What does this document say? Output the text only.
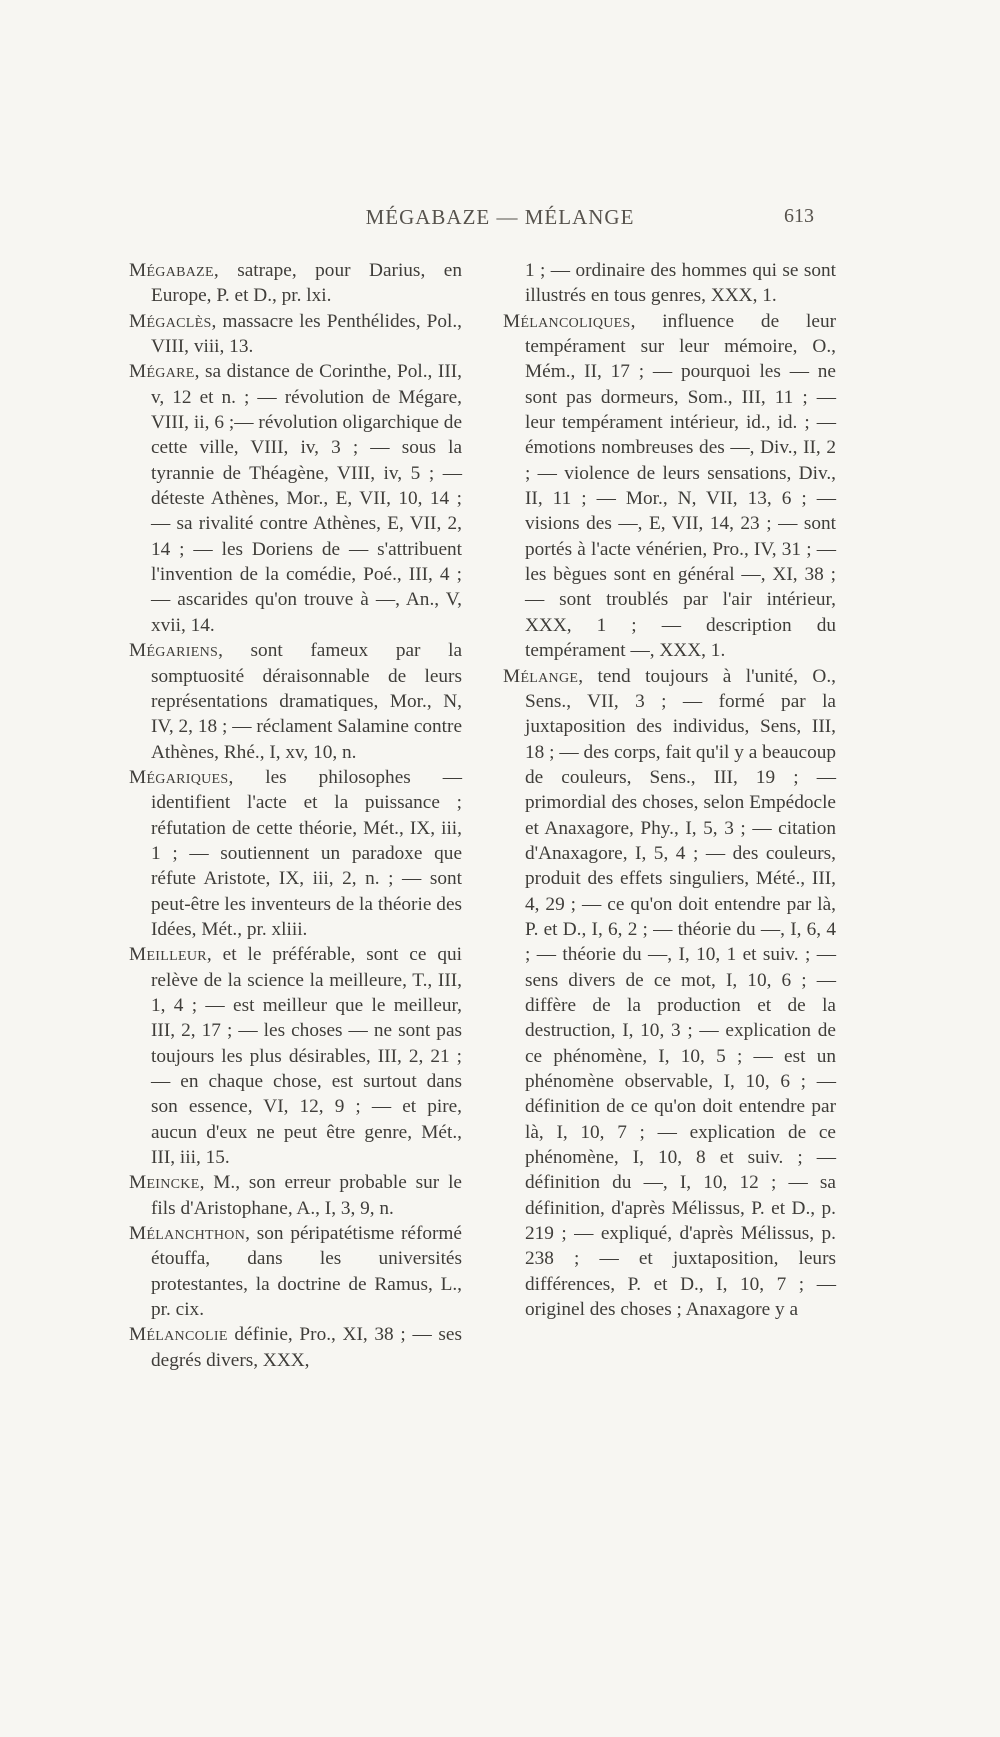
MÉGABAZE — MÉLANGE	613

Mégabaze, satrape, pour Darius, en Europe, P. et D., pr. lxi.

Mégaclès, massacre les Penthélides, Pol., VIII, viii, 13.

Mégare, sa distance de Corinthe, Pol., III, v, 12 et n. ; — révolution de Mégare, VIII, ii, 6 ;— révolution oligarchique de cette ville, VIII, iv, 3 ; — sous la tyrannie de Théagène, VIII, iv, 5 ; — déteste Athènes, Mor., E, VII, 10, 14 ; — sa rivalité contre Athènes, E, VII, 2, 14 ; — les Doriens de — s'attribuent l'invention de la comédie, Poé., III, 4 ; — ascarides qu'on trouve à —, An., V, xvii, 14.

Mégariens, sont fameux par la somptuosité déraisonnable de leurs représentations dramatiques, Mor., N, IV, 2, 18 ; — réclament Salamine contre Athènes, Rhé., I, xv, 10, n.

Mégariques, les philosophes — identifient l'acte et la puissance ; réfutation de cette théorie, Mét., IX, iii, 1 ; — soutiennent un paradoxe que réfute Aristote, IX, iii, 2, n. ; — sont peut-être les inventeurs de la théorie des Idées, Mét., pr. xliii.

Meilleur, et le préférable, sont ce qui relève de la science la meilleure, T., III, 1, 4 ; — est meilleur que le meilleur, III, 2, 17 ; — les choses — ne sont pas toujours les plus désirables, III, 2, 21 ; — en chaque chose, est surtout dans son essence, VI, 12, 9 ; — et pire, aucun d'eux ne peut être genre, Mét., III, iii, 15.

Meincke, M., son erreur probable sur le fils d'Aristophane, A., I, 3, 9, n.

Mélanchthon, son péripatétisme réformé étouffa, dans les universités protestantes, la doctrine de Ramus, L., pr. cix.

Mélancolie définie, Pro., XI, 38 ; — ses degrés divers, XXX,

1 ; — ordinaire des hommes qui se sont illustrés en tous genres, XXX, 1.

Mélancoliques, influence de leur tempérament sur leur mémoire, O., Mém., II, 17 ; — pourquoi les — ne sont pas dormeurs, Som., III, 11 ; — leur tempérament intérieur, id., id. ; — émotions nombreuses des —, Div., II, 2 ; — violence de leurs sensations, Div., II, 11 ; — Mor., N, VII, 13, 6 ; — visions des —, E, VII, 14, 23 ; — sont portés à l'acte vénérien, Pro., IV, 31 ; — les bègues sont en général —, XI, 38 ; — sont troublés par l'air intérieur, XXX, 1 ; — description du tempérament —, XXX, 1.

Mélange, tend toujours à l'unité, O., Sens., VII, 3 ; — formé par la juxtaposition des individus, Sens, III, 18 ; — des corps, fait qu'il y a beaucoup de couleurs, Sens., III, 19 ; — primordial des choses, selon Empédocle et Anaxagore, Phy., I, 5, 3 ; — citation d'Anaxagore, I, 5, 4 ; — des couleurs, produit des effets singuliers, Mété., III, 4, 29 ; — ce qu'on doit entendre par là, P. et D., I, 6, 2 ; — théorie du —, I, 6, 4 ; — théorie du —, I, 10, 1 et suiv. ; — sens divers de ce mot, I, 10, 6 ; — diffère de la production et de la destruction, I, 10, 3 ; — explication de ce phénomène, I, 10, 5 ; — est un phénomène observable, I, 10, 6 ; — définition de ce qu'on doit entendre par là, I, 10, 7 ; — explication de ce phénomène, I, 10, 8 et suiv. ; — définition du —, I, 10, 12 ; — sa définition, d'après Mélissus, P. et D., p. 219 ; — expliqué, d'après Mélissus, p. 238 ; — et juxtaposition, leurs différences, P. et D., I, 10, 7 ; — originel des choses ; Anaxagore y a
